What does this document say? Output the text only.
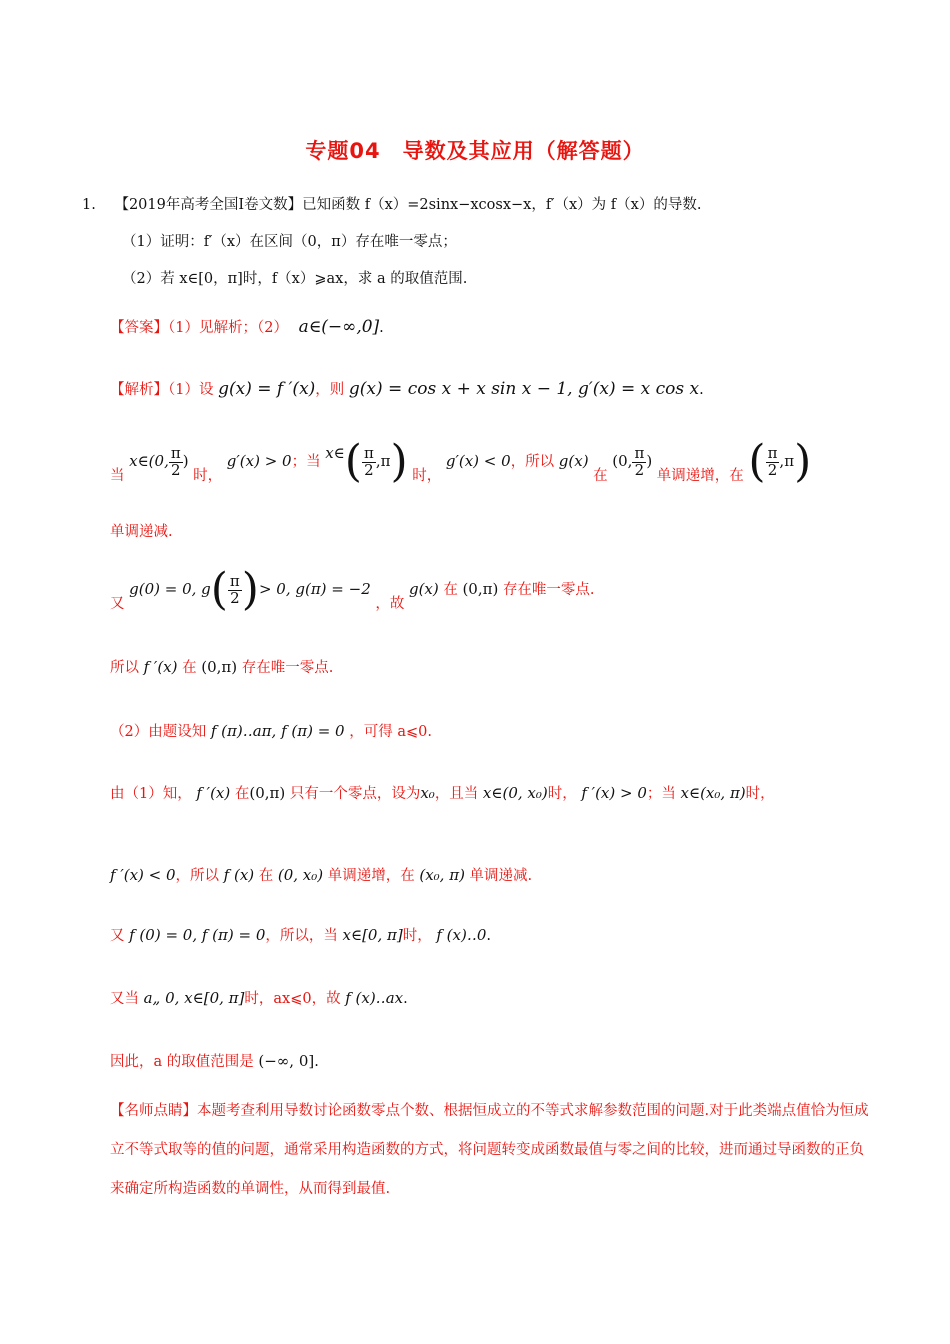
专题04　导数及其应用（解答题）
1. 【2019年高考全国Ⅰ卷文数】已知函数 f（x）=2sinx−xcosx−x，f′（x）为 f（x）的导数.
（1）证明：f′（x）在区间（0，π）存在唯一零点；
（2）若 x∈[0，π]时，f（x）⩾ax，求 a 的取值范围.
【答案】（1）见解析；（2） a∈(−∞,0].
【解析】（1）设 g(x) = f ′(x)，则 g(x) = cos x + x sin x − 1, g′(x) = x cos x.
当 x∈(0, $\frac{\pi}{2}$ ) 时， g′(x) > 0；当 x∈( $\frac{\pi}{2} ,\pi$) 时， g′(x) < 0，所以 g(x) 在 (0, $\frac{\pi}{2}$ ) 单调递增，在 ( $\frac{\pi}{2} ,\pi$)
单调递减.
又 g(0) = 0, $g( \frac{\pi}{2}$ )> 0, g(π) = −2 ，故 g(x) 在 (0,π) 存在唯一零点.
所以 f ′(x) 在 (0,π) 存在唯一零点.
（2）由题设知 f (π)‥aπ, f (π) = 0 ，可得 a⩽0.
由（1）知， f ′(x) 在(0,π) 只有一个零点，设为x₀，且当 x∈(0, x₀)时， f ′(x) > 0；当 x∈(x₀, π)时，
f ′(x) < 0，所以 f (x) 在 (0, x₀) 单调递增，在 (x₀, π) 单调递减.
又 f (0) = 0, f (π) = 0，所以，当 x∈[0, π]时， f (x)‥0.
又当 a„ 0, x∈[0, π]时，ax⩽0，故 f (x)‥ax.
因此，a 的取值范围是 (−∞, 0].
【名师点睛】本题考查利用导数讨论函数零点个数、根据恒成立的不等式求解参数范围的问题.对于此类端点值恰为恒成立不等式取等的值的问题，通常采用构造函数的方式，将问题转变成函数最值与零之间的比较，进而通过导函数的正负来确定所构造函数的单调性，从而得到最值.
